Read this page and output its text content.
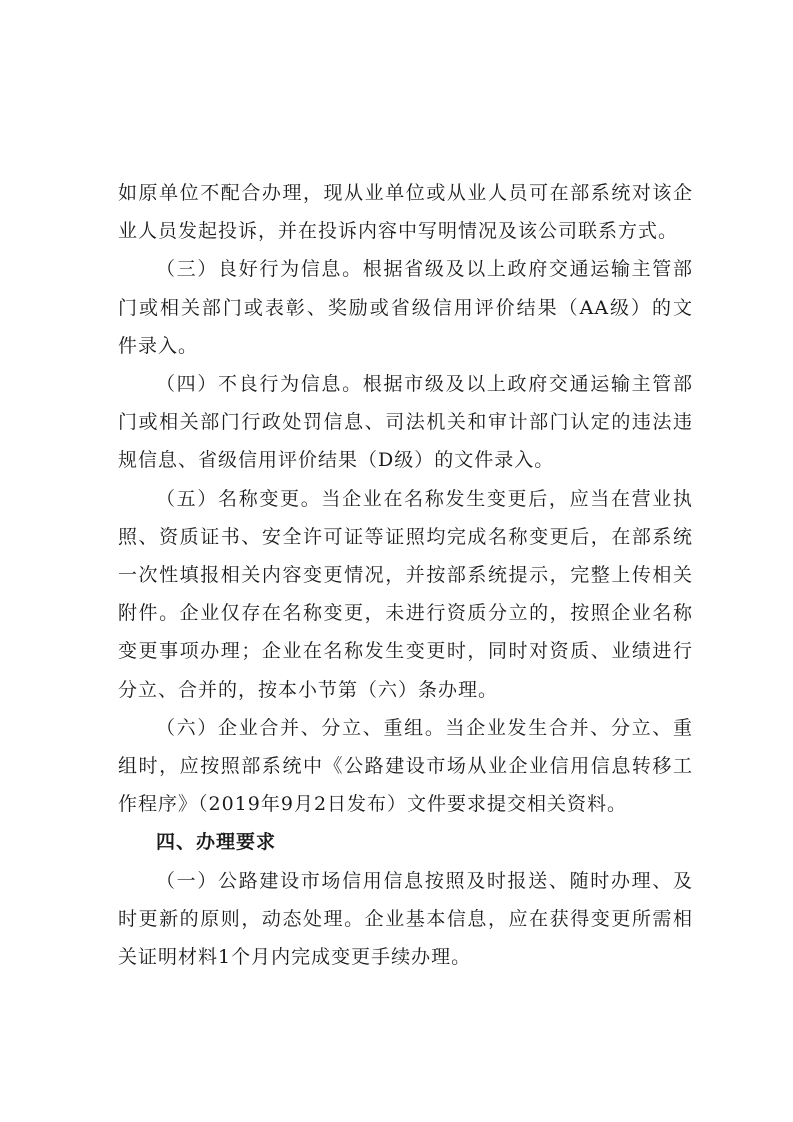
如原单位不配合办理，现从业单位或从业人员可在部系统对该企
业人员发起投诉，并在投诉内容中写明情况及该公司联系方式。
（三）良好行为信息。根据省级及以上政府交通运输主管部
门或相关部门或表彰、奖励或省级信用评价结果（AA级）的文
件录入。
（四）不良行为信息。根据市级及以上政府交通运输主管部
门或相关部门行政处罚信息、司法机关和审计部门认定的违法违
规信息、省级信用评价结果（D级）的文件录入。
（五）名称变更。当企业在名称发生变更后，应当在营业执
照、资质证书、安全许可证等证照均完成名称变更后，在部系统
一次性填报相关内容变更情况，并按部系统提示，完整上传相关
附件。企业仅存在名称变更，未进行资质分立的，按照企业名称
变更事项办理；企业在名称发生变更时，同时对资质、业绩进行
分立、合并的，按本小节第（六）条办理。
（六）企业合并、分立、重组。当企业发生合并、分立、重
组时，应按照部系统中《公路建设市场从业企业信用信息转移工
作程序》（2019年9月2日发布）文件要求提交相关资料。
四、办理要求
（一）公路建设市场信用信息按照及时报送、随时办理、及
时更新的原则，动态处理。企业基本信息，应在获得变更所需相
关证明材料1个月内完成变更手续办理。
